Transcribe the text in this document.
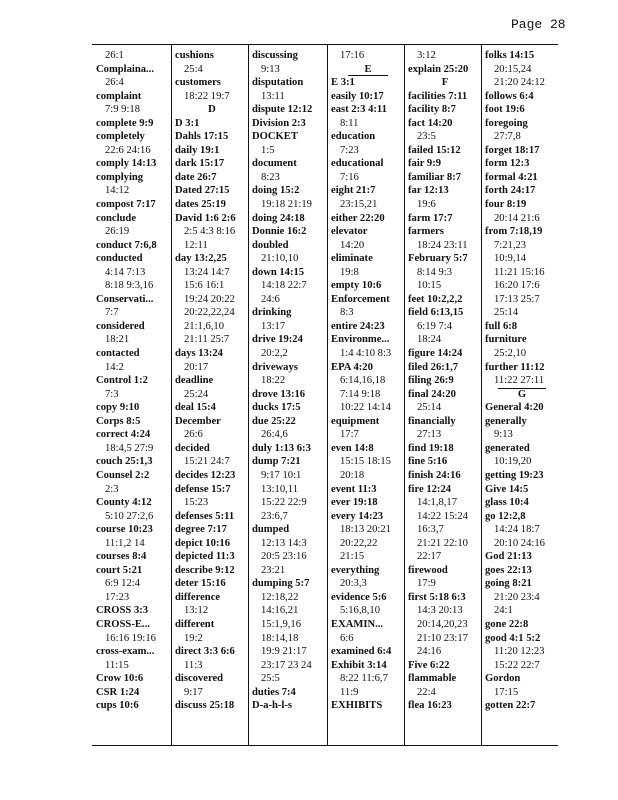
Page 28
26:1
Complaina...
26:4
complaint
7:9 9:18
complete 9:9
completely
22:6 24:16
comply 14:13
complying
14:12
compost 7:17
conclude
26:19
conduct 7:6,8
conducted
4:14 7:13
8:18 9:3,16
Conservati...
7:7
considered
18:21
contacted
14:2
Control 1:2
7:3
copy 9:10
Corps 8:5
correct 4:24
18:4,5 27:9
couch 25:1,3
Counsel 2:2
2:3
County 4:12
5:10 27:2,6
course 10:23
11:1,2 14
courses 8:4
court 5:21
6:9 12:4
17:23
CROSS 3:3
CROSS-E...
16:16 19:16
cross-exam...
11:15
Crow 10:6
CSR 1:24
cups 10:6
cushions
25:4
customers
18:22 19:7
D
D 3:1
Dahls 17:15
daily 19:1
dark 15:17
date 26:7
Dated 27:15
dates 25:19
David 1:6 2:6
2:5 4:3 8:16
12:11
day 13:2,25
13:24 14:7
15:6 16:1
19:24 20:22
20:22,22,24
21:1,6,10
21:11 25:7
days 13:24
20:17
deadline
25:24
deal 15:4
December
26:6
decided
15:21 24:7
decides 12:23
defense 15:7
15:23
defenses 5:11
degree 7:17
depict 10:16
depicted 11:3
describe 9:12
deter 15:16
difference
13:12
different
19:2
direct 3:3 6:6
11:3
discovered
9:17
discuss 25:18
discussing
9:13
disputation
13:11
dispute 12:12
Division 2:3
DOCKET
1:5
document
8:23
doing 15:2
19:18 21:19
doing 24:18
Donnie 16:2
doubled
21:10,10
down 14:15
14:18 22:7
24:6
drinking
13:17
drive 19:24
20:2,2
driveways
18:22
drove 13:16
ducks 17:5
due 25:22
26:4,6
duly 1:13 6:3
dump 7:21
9:17 10:1
13:10,11
15:22 22:9
23:6,7
dumped
12:13 14:3
20:5 23:16
23:21
dumping 5:7
12:18,22
14:16,21
15:1,9,16
18:14,18
19:9 21:17
23:17 23 24
25:5
duties 7:4
D-a-h-l-s
17:16
E
E 3:1
easily 10:17
east 2:3 4:11
8:11
education
7:23
educational
7:16
eight 21:7
23:15,21
either 22:20
elevator
14:20
eliminate
19:8
empty 10:6
Enforcement
8:3
entire 24:23
Environme...
1:4 4:10 8:3
EPA 4:20
6:14,16,18
7:14 9:18
10:22 14:14
equipment
17:7
even 14:8
15:15 18:15
20:18
event 11:3
ever 19:18
every 14:23
18:13 20:21
20:22,22
21:15
everything
20:3,3
evidence 5:6
5:16,8,10
EXAMIN...
6:6
examined 6:4
Exhibit 3:14
8:22 11:6,7
11:9
EXHIBITS
3:12
explain 25:20
F
facilities 7:11
facility 8:7
fact 14:20
23:5
failed 15:12
fair 9:9
familiar 8:7
far 12:13
19:6
farm 17:7
farmers
18:24 23:11
February 5:7
8:14 9:3
10:15
feet 10:2,2,2
field 6:13,15
6:19 7:4
18:24
figure 14:24
filed 26:1,7
filing 26:9
final 24:20
25:14
financially
27:13
find 19:18
fine 5:16
finish 24:16
fire 12:24
14:1,8,17
14:22 15:24
16:3,7
21:21 22:10
22:17
firewood
17:9
first 5:18 6:3
14:3 20:13
20:14,20,23
21:10 23:17
24:16
Five 6:22
flammable
22:4
flea 16:23
folks 14:15
20:15,24
21:20 24:12
follows 6:4
foot 19:6
foregoing
27:7,8
forget 18:17
form 12:3
formal 4:21
forth 24:17
four 8:19
20:14 21:6
from 7:18,19
7:21,23
10:9,14
11:21 15:16
16:20 17:6
17:13 25:7
25:14
full 6:8
furniture
25:2,10
further 11:12
11:22 27:11
G
General 4:20
generally
9:13
generated
10:19,20
getting 19:23
Give 14:5
glass 10:4
go 12:2,8
14:24 18:7
20:10 24:16
God 21:13
goes 22:13
going 8:21
21:20 23:4
24:1
gone 22:8
good 4:1 5:2
11:20 12:23
15:22 22:7
Gordon
17:15
gotten 22:7
